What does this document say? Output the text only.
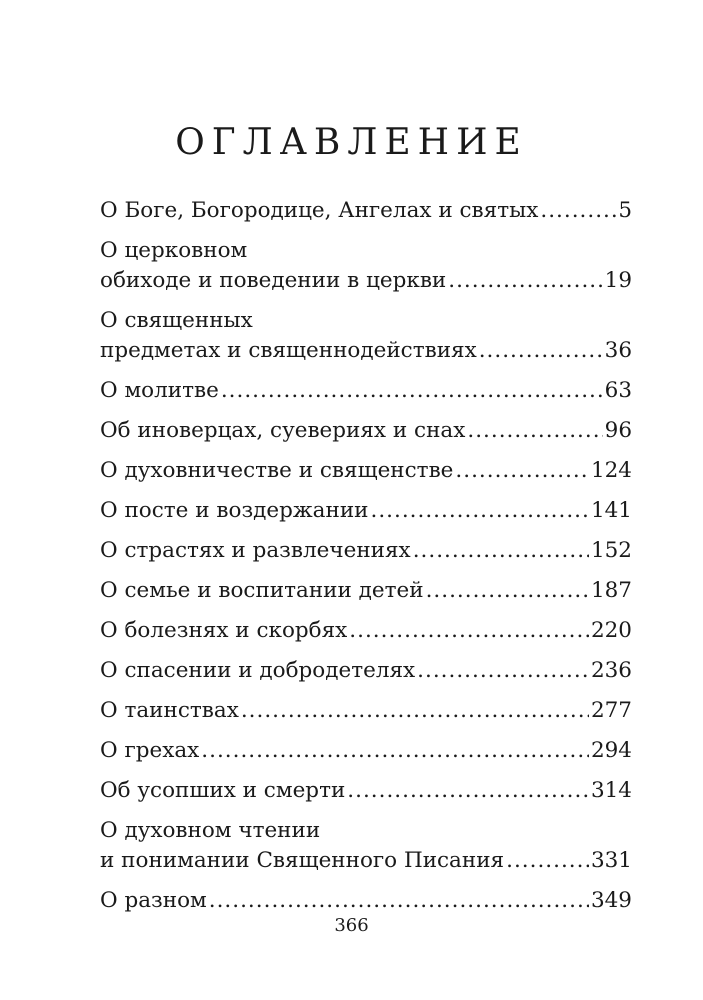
ОГЛАВЛЕНИЕ
О Боге, Богородице, Ангелах и святых .....	5
О церковном
обиходе и поведении в церкви .....	19
О священных
предметах и священнодействиях .....	36
О молитве .....	63
Об иноверцах, суевериях и снах .....	96
О духовничестве и священстве .....	124
О посте и воздержании .....	141
О страстях и развлечениях .....	152
О семье и воспитании детей .....	187
О болезнях и скорбях .....	220
О спасении и добродетелях .....	236
О таинствах .....	277
О грехах .....	294
Об усопших и смерти .....	314
О духовном чтении
и понимании Священного Писания .....	331
О разном .....	349
366
